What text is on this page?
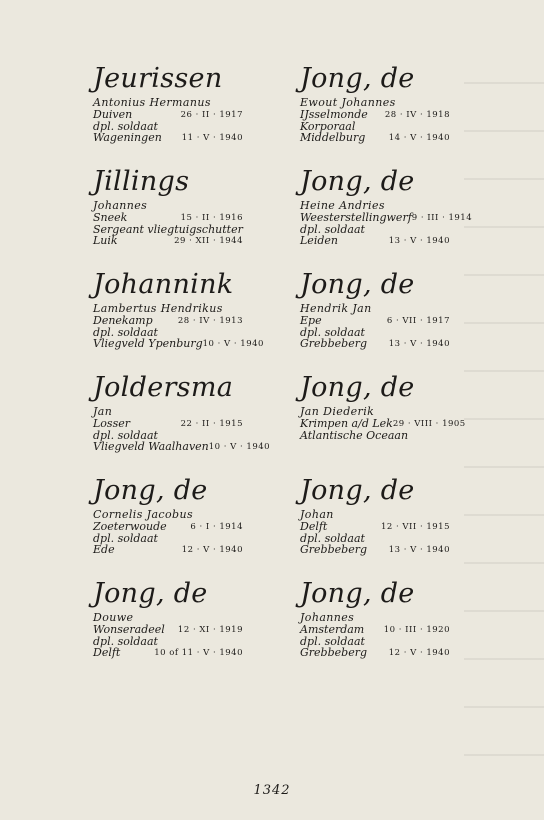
Jeurissen
Antonius Hermanus
Duiven	26 · II · 1917
dpl. soldaat
Wageningen 11 · V · 1940
Jillings
Johannes
Sneek	15 · II · 1916
Sergeant vliegtuigschutter
Luik	29 · XII · 1944
Johannink
Lambertus Hendrikus
Denekamp	28 · IV · 1913
dpl. soldaat
Vliegveld Ypenburg 10 · V · 1940
Joldersma
Jan
Losser	22 · II · 1915
dpl. soldaat
Vliegveld Waalhaven 10 · V · 1940
Jong, de
Cornelis Jacobus
Zoeterwoude	6 · I · 1914
dpl. soldaat
Ede	12 · V · 1940
Jong, de
Douwe
Wonseradeel 12 · XI · 1919
dpl. soldaat
Delft	10 of 11 · V · 1940
Jong, de
Ewout Johannes
IJsselmonde 28 · IV · 1918
Korporaal
Middelburg	14 · V · 1940
Jong, de
Heine Andries
Weesterstellingwerf 9 · III · 1914
dpl. soldaat
Leiden	13 · V · 1940
Jong, de
Hendrik Jan
Epe	6 · VII · 1917
dpl. soldaat
Grebbeberg	13 · V · 1940
Jong, de
Jan Diederik
Krimpen a/d Lek 29 · VIII · 1905
Atlantische Oceaan
Jong, de
Johan
Delft	12 · VII · 1915
dpl. soldaat
Grebbeberg	13 · V · 1940
Jong, de
Johannes
Amsterdam 10 · III · 1920
dpl. soldaat
Grebbeberg	12 · V · 1940
1342
